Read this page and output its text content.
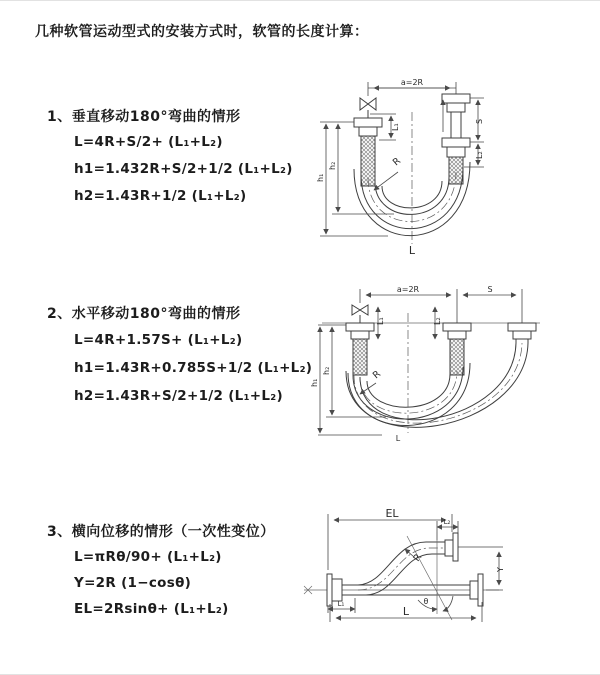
几种软管运动型式的安装方式时，软管的长度计算：
1、垂直移动180°弯曲的情形
L=4R+S/2+ (L₁+L₂)
h1=1.432R+S/2+1/2 (L₁+L₂)
h2=1.43R+1/2 (L₁+L₂)
2、水平移动180°弯曲的情形
L=4R+1.57S+ (L₁+L₂)
h1=1.43R+0.785S+1/2 (L₁+L₂)
h2=1.43R+S/2+1/2 (L₁+L₂)
3、横向位移的情形（一次性变位）
L=πRθ/90+ (L₁+L₂)
Y=2R (1−cosθ)
EL=2Rsinθ+ (L₁+L₂)
a=2R
R
h₁
h₂
L₁
S
L₂
L
a=2R	S
R
h₁
h₂
L₁	L₂
L
EL
L₂
θ
R
Y
L₁
L
